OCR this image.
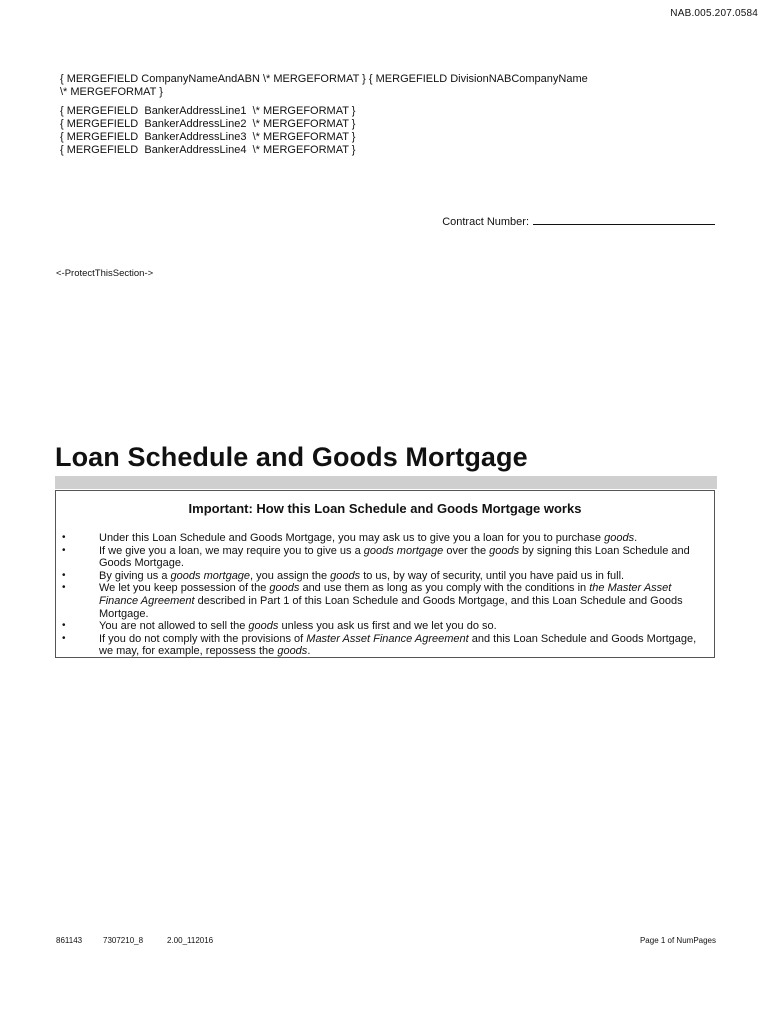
NAB.005.207.0584
{ MERGEFIELD CompanyNameAndABN \* MERGEFORMAT } { MERGEFIELD DivisionNABCompanyName
\* MERGEFORMAT }
{ MERGEFIELD  BankerAddressLine1  \* MERGEFORMAT }
{ MERGEFIELD  BankerAddressLine2  \* MERGEFORMAT }
{ MERGEFIELD  BankerAddressLine3  \* MERGEFORMAT }
{ MERGEFIELD  BankerAddressLine4  \* MERGEFORMAT }
Contract Number:
<-ProtectThisSection->
Loan Schedule and Goods Mortgage
Important: How this Loan Schedule and Goods Mortgage works
•	Under this Loan Schedule and Goods Mortgage, you may ask us to give you a loan for you to purchase goods.
•	If we give you a loan, we may require you to give us a goods mortgage over the goods by signing this Loan Schedule and Goods Mortgage.
•	By giving us a goods mortgage, you assign the goods to us, by way of security, until you have paid us in full.
•	We let you keep possession of the goods and use them as long as you comply with the conditions in the Master Asset Finance Agreement described in Part 1 of this Loan Schedule and Goods Mortgage, and this Loan Schedule and Goods Mortgage.
•	You are not allowed to sell the goods unless you ask us first and we let you do so.
•	If you do not comply with the provisions of Master Asset Finance Agreement and this Loan Schedule and Goods Mortgage, we may, for example, repossess the goods.
861143	7307210_8	2.00_112016	Page 1 of NumPages
